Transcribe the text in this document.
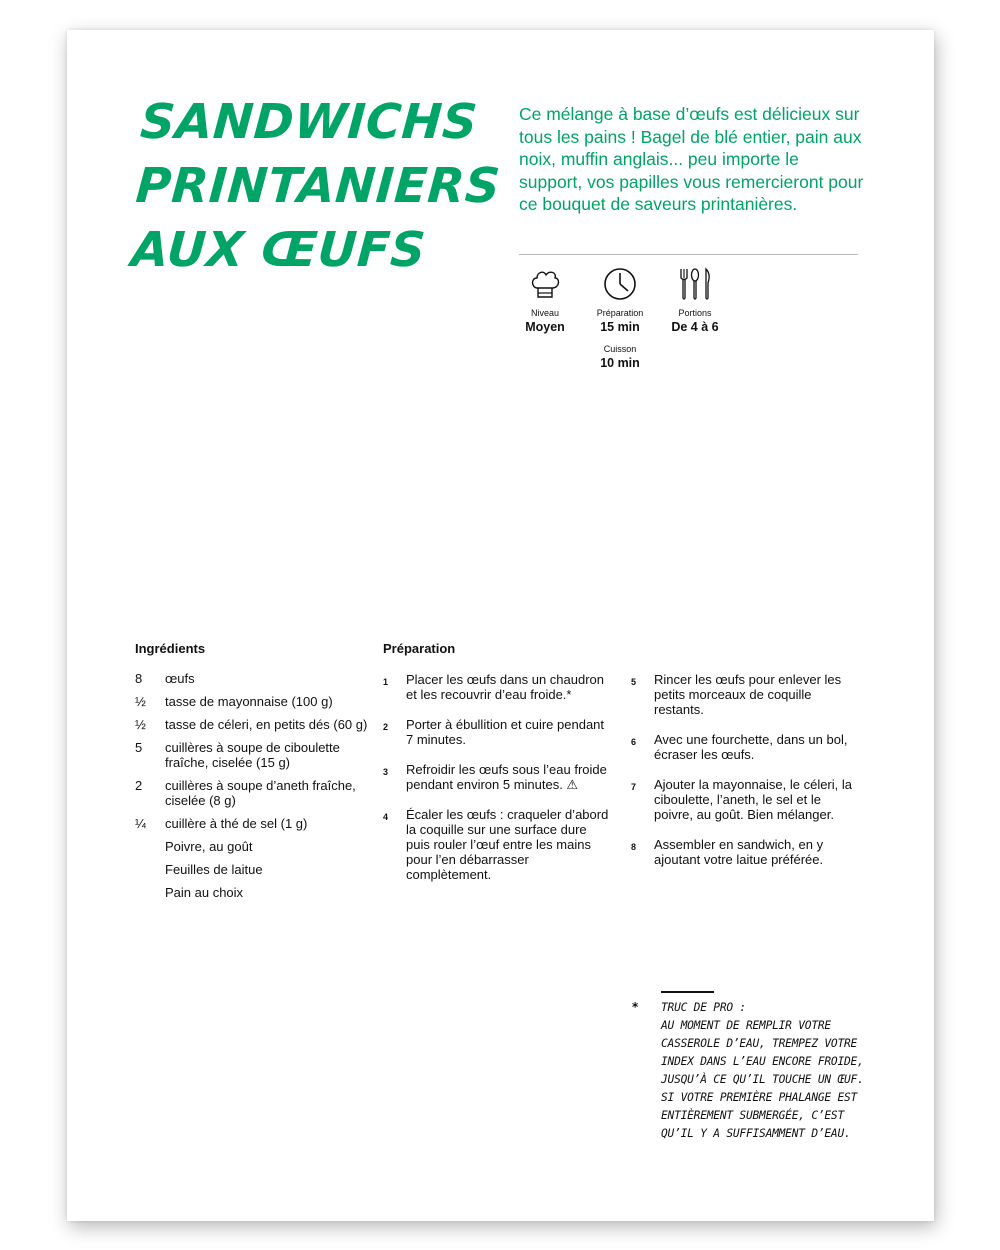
SANDWICHS
PRINTANIERS
AUX ŒUFS
Ce mélange à base d’œufs est délicieux sur tous les pains ! Bagel de blé entier, pain aux noix, muffin anglais... peu importe le support, vos papilles vous remercieront pour ce bouquet de saveurs printanières.
Niveau
Moyen
Préparation
15 min
Cuisson
10 min
Portions
De 4 à 6
Ingrédients
8	œufs
½	tasse de mayonnaise (100 g)
½	tasse de céleri, en petits dés (60 g)
5	cuillères à soupe de ciboulette fraîche, ciselée (15 g)
2	cuillères à soupe d’aneth fraîche, ciselée (8 g)
¼	cuillère à thé de sel (1 g)
Poivre, au goût
Feuilles de laitue
Pain au choix
Préparation
1	Placer les œufs dans un chaudron et les recouvrir d’eau froide.*
2	Porter à ébullition et cuire pendant 7 minutes.
3	Refroidir les œufs sous l’eau froide pendant environ 5 minutes. ⚠
4	Écaler les œufs : craqueler d’abord la coquille sur une surface dure puis rouler l’œuf entre les mains pour l’en débarrasser complètement.
5	Rincer les œufs pour enlever les petits morceaux de coquille restants.
6	Avec une fourchette, dans un bol, écraser les œufs.
7	Ajouter la mayonnaise, le céleri, la ciboulette, l’aneth, le sel et le poivre, au goût. Bien mélanger.
8	Assembler en sandwich, en y ajoutant votre laitue préférée.
* TRUC DE PRO :
AU MOMENT DE REMPLIR VOTRE CASSEROLE D’EAU, TREMPEZ VOTRE INDEX DANS L’EAU ENCORE FROIDE, JUSQU’À CE QU’IL TOUCHE UN ŒUF. SI VOTRE PREMIÈRE PHALANGE EST ENTIÈREMENT SUBMERGÉE, C’EST QU’IL Y A SUFFISAMMENT D’EAU.
